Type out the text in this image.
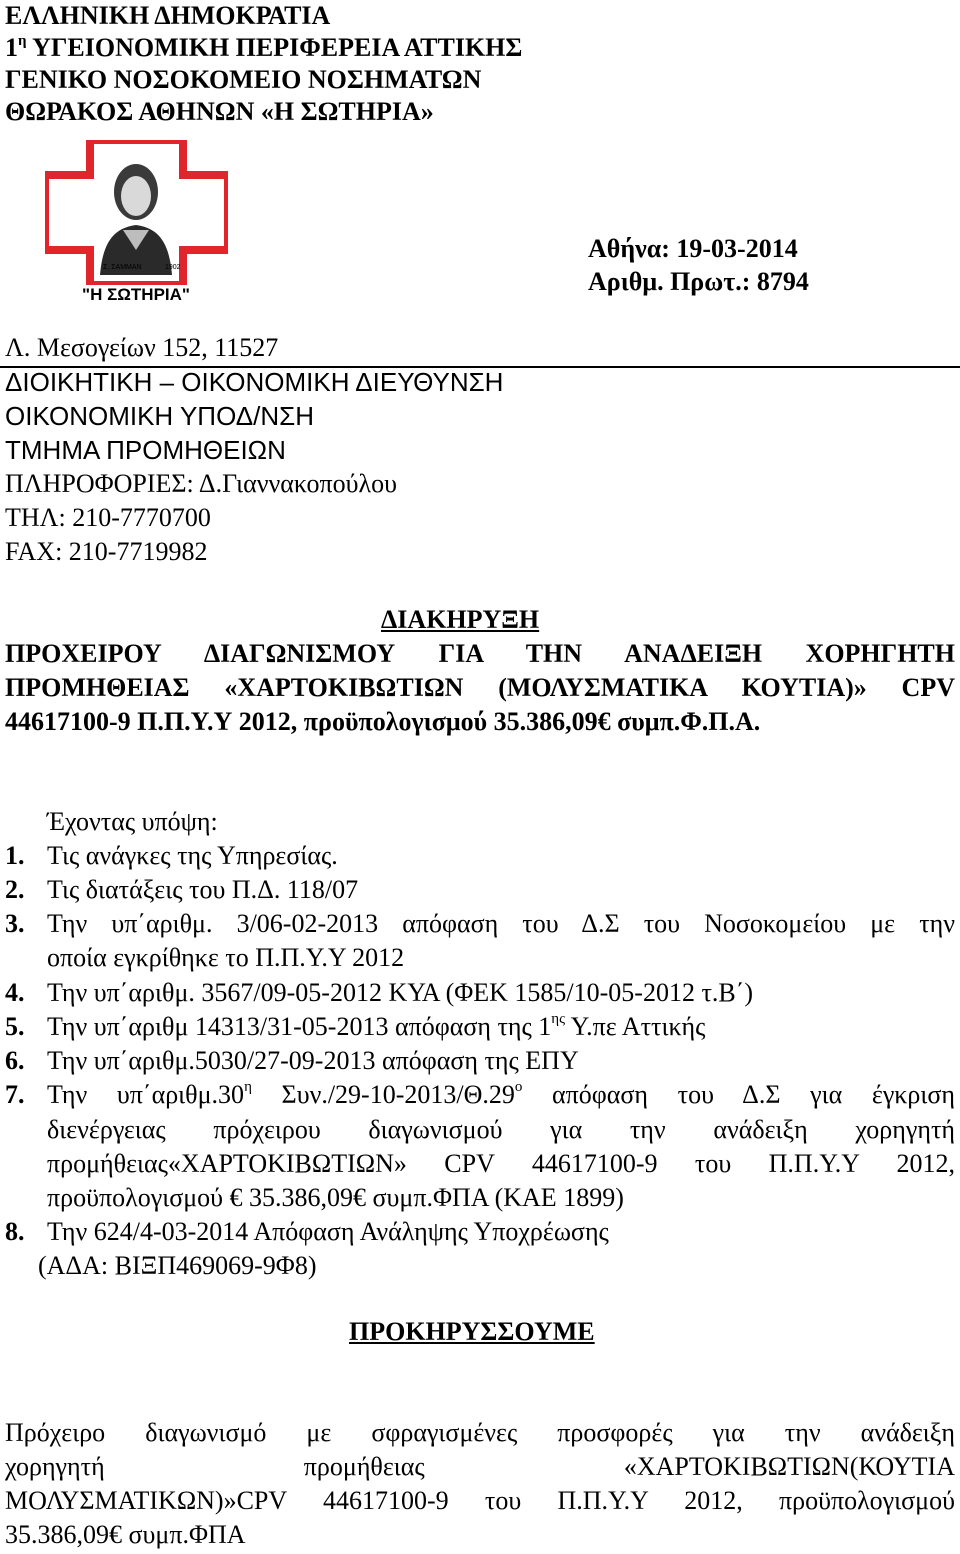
ΕΛΛΗΝΙΚΗ ΔΗΜΟΚΡΑΤΙΑ
$1^\eta$ ΥΓΕΙΟΝΟΜΙΚΗ ΠΕΡΙΦΕΡΕΙΑ ΑΤΤΙΚΗΣ
ΓΕΝΙΚΟ ΝΟΣΟΚΟΜΕΙΟ ΝΟΣΗΜΑΤΩΝ
ΘΩΡΑΚΟΣ ΑΘΗΝΩΝ «Η ΣΩΤΗΡΙΑ»
Σ. ΣΑΜΜΑΝ	1902
"Η ΣΩΤΗΡΙΑ"
Αθήνα: 19-03-2014
Αριθμ. Πρωτ.: 8794
Λ. Μεσογείων 152, 11527
ΔΙΟΙΚΗΤΙΚΗ – ΟΙΚΟΝΟΜΙΚΗ ΔΙΕΥΘΥΝΣΗ
ΟΙΚΟΝΟΜΙΚΗ ΥΠΟΔ/ΝΣΗ
ΤΜΗΜΑ ΠΡΟΜΗΘΕΙΩΝ
ΠΛΗΡΟΦΟΡΙΕΣ: Δ.Γιαννακοπούλου
ΤΗΛ: 210-7770700
FAX: 210-7719982
ΔΙΑΚΗΡΥΞΗ
ΠΡΟΧΕΙΡΟΥ ΔΙΑΓΩΝΙΣΜΟΥ ΓΙΑ ΤΗΝ ΑΝΑΔΕΙΞΗ ΧΟΡΗΓΗΤΗ
ΠΡΟΜΗΘΕΙΑΣ «ΧΑΡΤΟΚΙΒΩΤΙΩΝ (ΜΟΛΥΣΜΑΤΙΚΑ ΚΟΥΤΙΑ)» CPV
44617100-9 Π.Π.Υ.Υ 2012, προϋπολογισμού 35.386,09€ συμπ.Φ.Π.Α.
Έχοντας υπόψη:
1. Τις ανάγκες της Υπηρεσίας.
2. Τις διατάξεις του Π.Δ. 118/07
3. Την υπ΄αριθμ. 3/06-02-2013 απόφαση του Δ.Σ του Νοσοκομείου με την
οποία εγκρίθηκε το Π.Π.Υ.Υ 2012
4. Την υπ΄αριθμ. 3567/09-05-2012 ΚΥΑ (ΦΕΚ 1585/10-05-2012 τ.Β΄)
5. Την υπ΄αριθμ 14313/31-05-2013 απόφαση της $1^{\eta\varsigma}$ Υ.πε Αττικής
6. Την υπ΄αριθμ.5030/27-09-2013 απόφαση της ΕΠΥ
7. Την $\upsilon\pi΄\alpha\rho\iota\theta\mu.30^\eta$ $\Sigma\upsilon\nu./29-10-2013/\Theta.29^o$ απόφαση του Δ.Σ για έγκριση
διενέργειας πρόχειρου διαγωνισμού για την ανάδειξη χορηγητή
προμήθειας«ΧΑΡΤΟΚΙΒΩΤΙΩΝ» CPV 44617100-9 του Π.Π.Υ.Υ 2012,
προϋπολογισμού € 35.386,09€ συμπ.ΦΠΑ (ΚΑΕ 1899)
8. Την 624/4-03-2014 Απόφαση Ανάληψης Υποχρέωσης
(ΑΔΑ: ΒΙΞΠ469069-9Φ8)
ΠΡΟΚΗΡΥΣΣΟΥΜΕ
Πρόχειρο διαγωνισμό με σφραγισμένες προσφορές για την ανάδειξη
χορηγητή προμήθειας «ΧΑΡΤΟΚΙΒΩΤΙΩΝ(ΚΟΥΤΙΑ
ΜΟΛΥΣΜΑΤΙΚΩΝ)»CPV 44617100-9 του Π.Π.Υ.Υ 2012, προϋπολογισμού
35.386,09€ συμπ.ΦΠΑ
